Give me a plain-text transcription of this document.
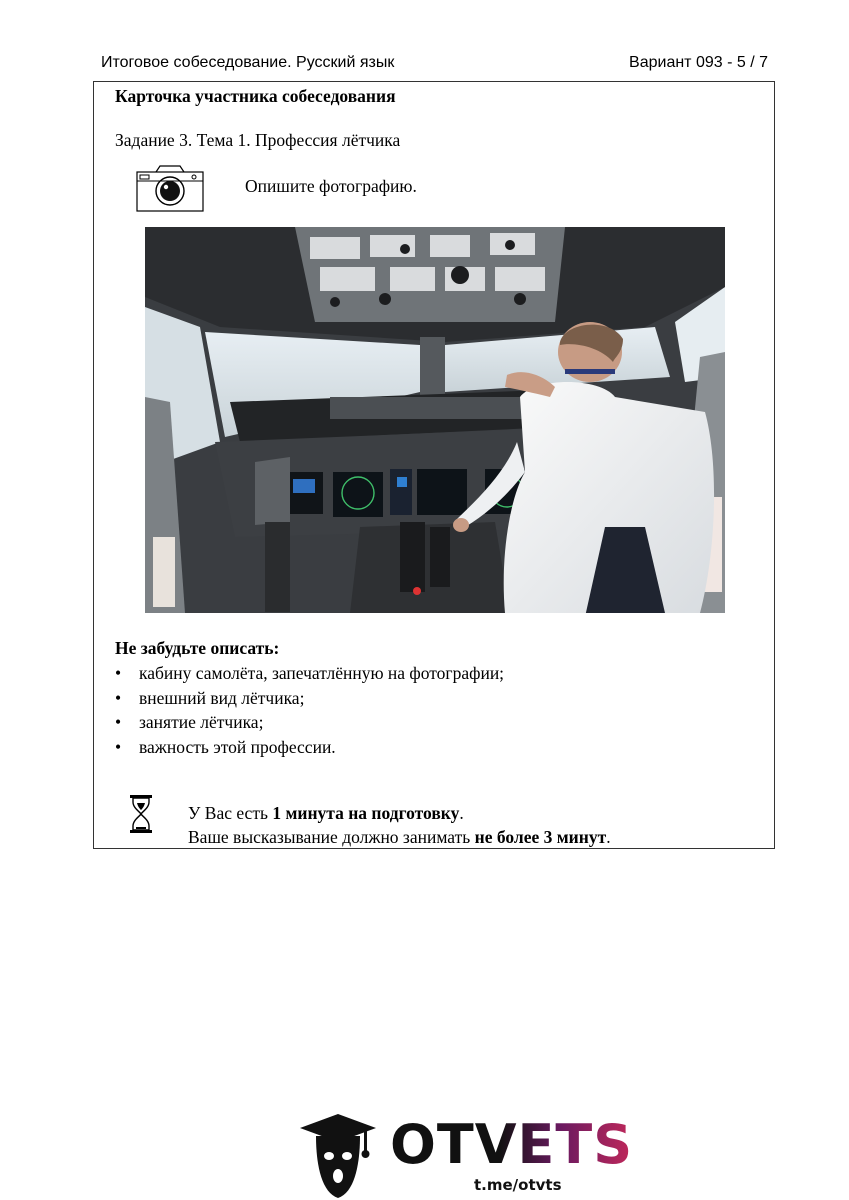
Итоговое собеседование. Русский язык	Вариант 093 - 5 / 7
Карточка участника собеседования
Задание 3. Тема 1. Профессия лётчика
Опишите фотографию.
Не забудьте описать:
• кабину самолёта, запечатлённую на фотографии;
• внешний вид лётчика;
• занятие лётчика;
• важность этой профессии.
У Вас есть 1 минута на подготовку.
Ваше высказывание должно занимать не более 3 минут.
OTVETS
t.me/otvts
